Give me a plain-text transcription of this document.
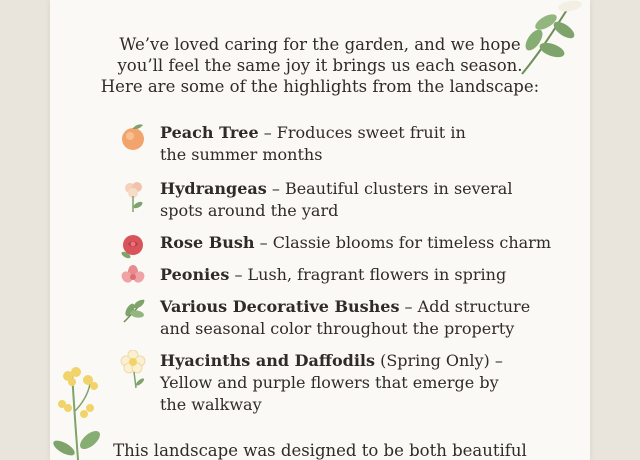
We’ve loved caring for the garden, and we hope

you’ll feel the same joy it brings us each season.

Here are some of the highlights from the landscape:

Peach Tree – Froduces sweet fruit in
the summer months
Hydrangeas – Beautiful clusters in several
spots around the yard
Rose Bush – Classie blooms for timeless charm
Peonies – Lush, fragrant flowers in spring
Various Decorative Bushes – Add structure
and seasonal color throughout the property
Hyacinths and Daffodils (Spring Only) –
Yellow and purple flowers that emerge by
the walkway
This landscape was designed to be both beautiful
